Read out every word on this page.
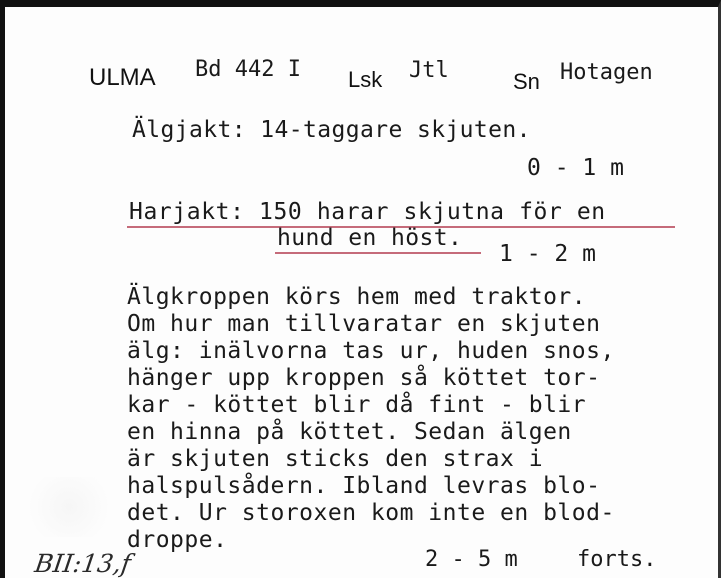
ULMA Bd 442 I Lsk Jtl	Sn Hotagen
Älgjakt: 14-taggare skjuten.
0 - 1 m
Harjakt: 150 harar skjutna för en
hund en höst.
1 - 2 m
Älgkroppen körs hem med traktor.
Om hur man tillvaratar en skjuten
älg: inälvorna tas ur, huden snos,
hänger upp kroppen så köttet tor-
kar - köttet blir då fint - blir
en hinna på köttet. Sedan älgen
är skjuten sticks den strax i
halspulsådern. Ibland levras blo-
det. Ur storoxen kom inte en blod-
droppe.
2 - 5 m	forts.
BII:13,f
